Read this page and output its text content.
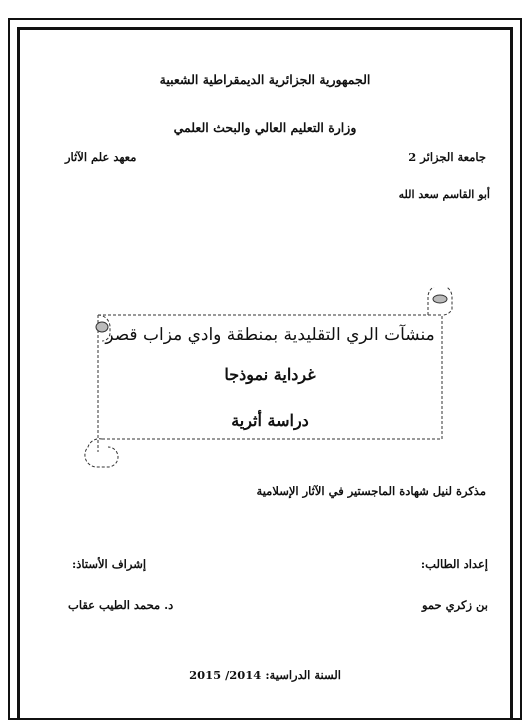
الجمهورية الجزائرية الديمقراطية الشعبية
وزارة التعليم العالي والبحث العلمي
جامعة الجزائر 2
معهد علم الآثار
أبو القاسم سعد الله
منشآت الري التقليدية بمنطقة وادي مزاب قصر
غرداية نموذجا
دراسة أثرية
مذكرة لنيل شهادة الماجستير في الآثار الإسلامية
إعداد الطالب:
إشراف الأستاذ:
بن زكري حمو
د. محمد الطيب عقاب
السنة الدراسية: 2014/ 2015
